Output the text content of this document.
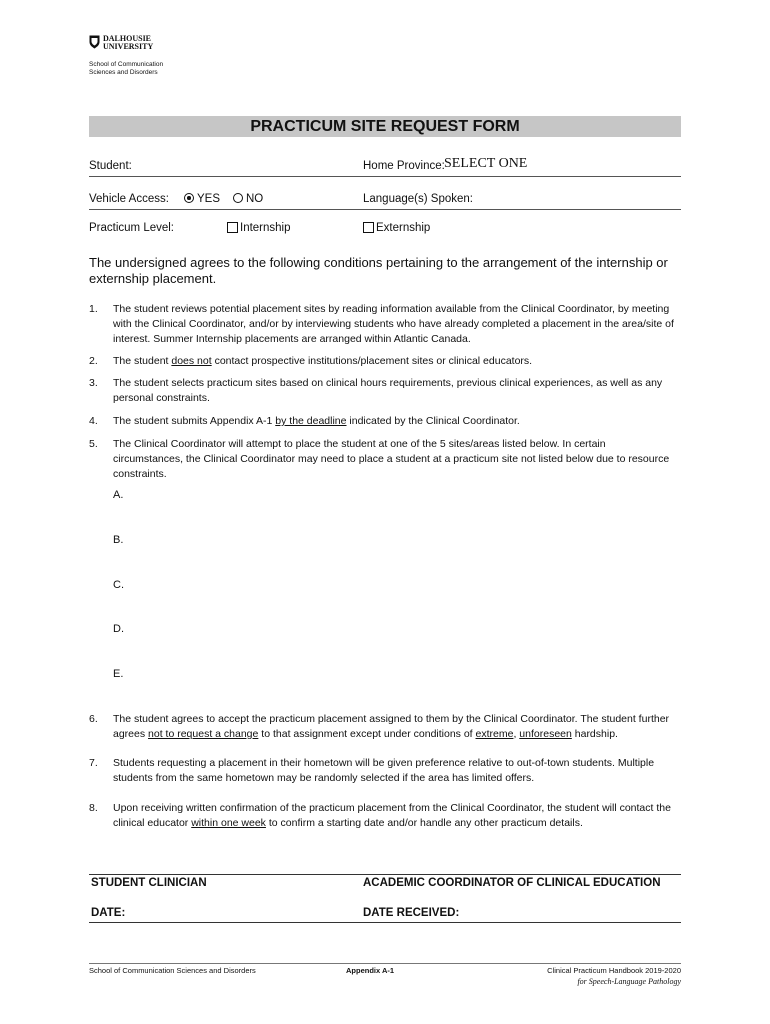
DALHOUSIE
UNIVERSITY
School of Communication
Sciences and Disorders
PRACTICUM SITE REQUEST FORM
Student:	Home Province: SELECT ONE
Vehicle Access: YES NO	Language(s) Spoken:
Practicum Level:	Internship	Externship
The undersigned agrees to the following conditions pertaining to the arrangement of the internship or externship placement.
1. The student reviews potential placement sites by reading information available from the Clinical Coordinator, by meeting with the Clinical Coordinator, and/or by interviewing students who have already completed a placement in the area/site of interest. Summer Internship placements are arranged within Atlantic Canada.
2. The student does not contact prospective institutions/placement sites or clinical educators.
3. The student selects practicum sites based on clinical hours requirements, previous clinical experiences, as well as any personal constraints.
4. The student submits Appendix A-1 by the deadline indicated by the Clinical Coordinator.
5. The Clinical Coordinator will attempt to place the student at one of the 5 sites/areas listed below. In certain circumstances, the Clinical Coordinator may need to place a student at a practicum site not listed below due to resource constraints.
A.
B.
C.
D.
E.
6. The student agrees to accept the practicum placement assigned to them by the Clinical Coordinator. The student further agrees not to request a change to that assignment except under conditions of extreme, unforeseen hardship.
7. Students requesting a placement in their hometown will be given preference relative to out-of-town students. Multiple students from the same hometown may be randomly selected if the area has limited offers.
8. Upon receiving written confirmation of the practicum placement from the Clinical Coordinator, the student will contact the clinical educator within one week to confirm a starting date and/or handle any other practicum details.
STUDENT CLINICIAN	ACADEMIC COORDINATOR OF CLINICAL EDUCATION
DATE:	DATE RECEIVED:
School of Communication Sciences and Disorders	Appendix A-1	Clinical Practicum Handbook 2019-2020
for Speech-Language Pathology
